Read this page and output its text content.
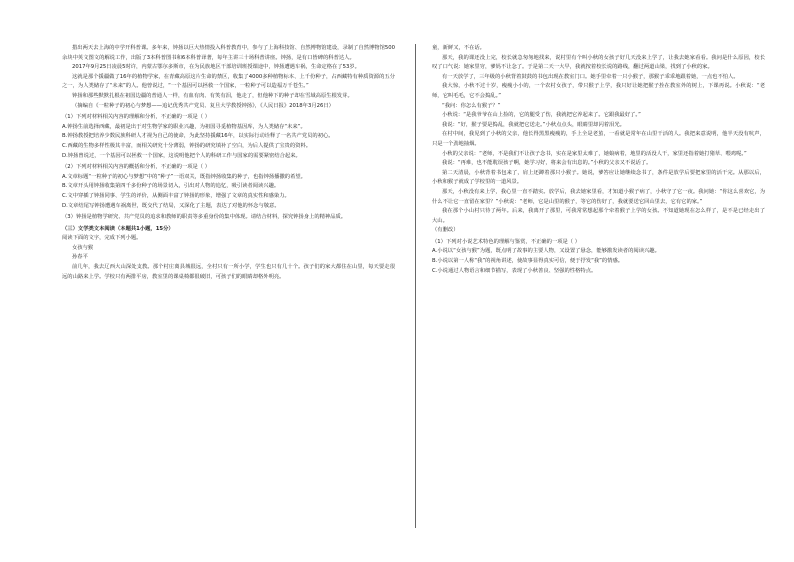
措出两天去上海的中学开科普课。多年来，钟扬以巨大热情投入科普教育中，参与了上海科技馆、自然博物馆建设，录制了自然博物馆500余块中英文图文的解说工作，出版了3本科普图书和6本科普译著，每年主讲三十场科普讲座。钟扬，是有口皆碑的科普达人。

2017年9月25日凌晨5时许，内蒙古鄂尔多斯市，在为民族地区干部培训班授课途中，钟扬遭遇车祸，生命定格在了53岁。

这就是那个援疆做了16年的植物学家，在青藏高原这片生命的禁区，收集了4000多种植物标本、上千份种子，占西藏特有种质资源的五分之一，为人类储存了“未来”的人。他曾说过，“一个基因可以拯救一个国家，一粒种子可以造福万千苍生。”

钟扬和那些默默扎根在祖国边疆的普通人一样，有血有肉、有笑有泪，他走了，但他种下的种子却在雪域高原生根发芽。

（摘编自《一粒种子的初心与梦想——追记优秀共产党员、复旦大学教授钟扬》，《人民日报》2018年3月26日）

（1）下列对材料相关内容的理解和分析，不正确的一项是（ ）

A.钟扬生前选择西藏，最初是出于对生物学家的职业兴趣，为祖国寻觅植物基因库，为人类储存“未来”。

B.钟扬教授把培养少数民族科研人才视为自己的使命，为此坚持援藏16年，以实际行动诠释了一名共产党员的初心。

C.西藏的生物多样性极其丰富，而相关研究十分薄弱，钟扬的研究填补了空白，为后人提供了宝贵的资料。

D.钟扬曾说过，一个基因可以拯救一个国家，这说明他把个人的科研工作与国家的需要紧密结合起来。

（2）下列对材料相关内容的概括和分析，不正确的一项是（ ）

A.文章标题“一粒种子的初心与梦想”中的“种子”一语双关，既指钟扬收集的种子，也指钟扬播撒的希望。

B.文章开头用钟扬收集第四千多份种子的场景切入，引出对人物的追忆，吸引读者阅读兴趣。

C.文中穿插了钟扬同事、学生的评价，从侧面丰富了钟扬的形象，增强了文章的真实性和感染力。

D.文章结尾写钟扬遭遇车祸离世，既交代了结局，又深化了主题，表达了对他的怀念与敬意。

（3）钟扬是植物学研究、共产党员的追求和教师的职责等多重身份的集中体现。请结合材料，探究钟扬身上的精神品质。

（三）文学类文本阅读（本题共1小题，15分）

阅读下面的文字，完成下列小题。

女孩与猴

孙春平

前几年，我去辽西大山深处支教。那个村庄离县城很远，全村只有一所小学，学生也只有几十个。孩子们的家大都住在山里，每天要走很远的山路来上学。学校只有两排平房，教室里的课桌椅都很破旧，可孩子们的眼睛却格外明亮。

童，新鲜又，不在话。

那天，我的课还没上完，校长就急匆匆地找来，说村里有个叫小秋的女孩子好几天没来上学了，让我去她家看看。我问是什么原因，校长叹了口气说：她家里穷，爹妈不让念了。于是第二天一大早，我就按着校长说的路线，翻过两道山梁，找到了小秋的家。

有一天放学了，三年级的小秋背着鼓鼓的书包出现在教室门口。她手里牵着一只小猴子，那猴子乖乖地跟着她，一点也不怕人。

我大惊，小秋不过十岁，瘦瘦小小的，一个农村女孩子，带只猴子上学，我只好让她把猴子拴在教室外的树上，下课再说。小秋说：“老师，它叫毛毛，它不会捣乱。”

“我问：你怎么有猴子？”

小秋说：“是我爷爷在山上捡的，它的腿受了伤，我就把它养起来了。它跟我最好了。”

我说：“好，猴子要是捣乱，我就把它送走。”小秋点点头，眼睛里却闪着泪光。

在村中间，我见到了小秋的父亲，他长得黑黑瘦瘦的，手上全是老茧，一看就是常年在山里干活的人。我把来意说明，他半天没有吭声，只是一个劲地抽烟。

小秋的父亲说：“老师，不是我们不让孩子念书，实在是家里太难了，她娘病着，地里的活没人干，家里还指着她打猪草、喂鸡呢。”

我说：“再难，也不能耽误孩子啊，她学习好，将来会有出息的。”小秋的父亲又不说话了。

第二天清晨，小秋背着书包来了，肩上还蹲着那只小猴子。她说，爹答应让她继续念书了，条件是放学后要把家里的活干完。从那以后，小秋和猴子就成了学校里的一道风景。

那天，小秋没有来上学，我心里一直不踏实。放学后，我去她家里看，才知道小猴子病了，小秋守了它一夜。我问她：“你这么喜欢它，为什么不让它一直留在家里？”小秋说：“老师，它是山里的猴子，等它的伤好了，我就要送它回山里去，它有它的家。”

我在那个小山村只待了两年。后来，我离开了那里，可我常常想起那个牵着猴子上学的女孩。不知道她现在怎么样了，是不是已经走出了大山。

（有删改）

（1）下列对小说艺术特色的理解与鉴赏，不正确的一项是（ ）

A.小说以“女孩与猴”为题，既点明了故事的主要人物，又设置了悬念，能够激发读者的阅读兴趣。

B.小说以第一人称“我”的视角讲述，使故事显得真实可信，便于抒发“我”的情感。

C.小说通过人物语言和细节描写，表现了小秋善良、坚强的性格特点。
